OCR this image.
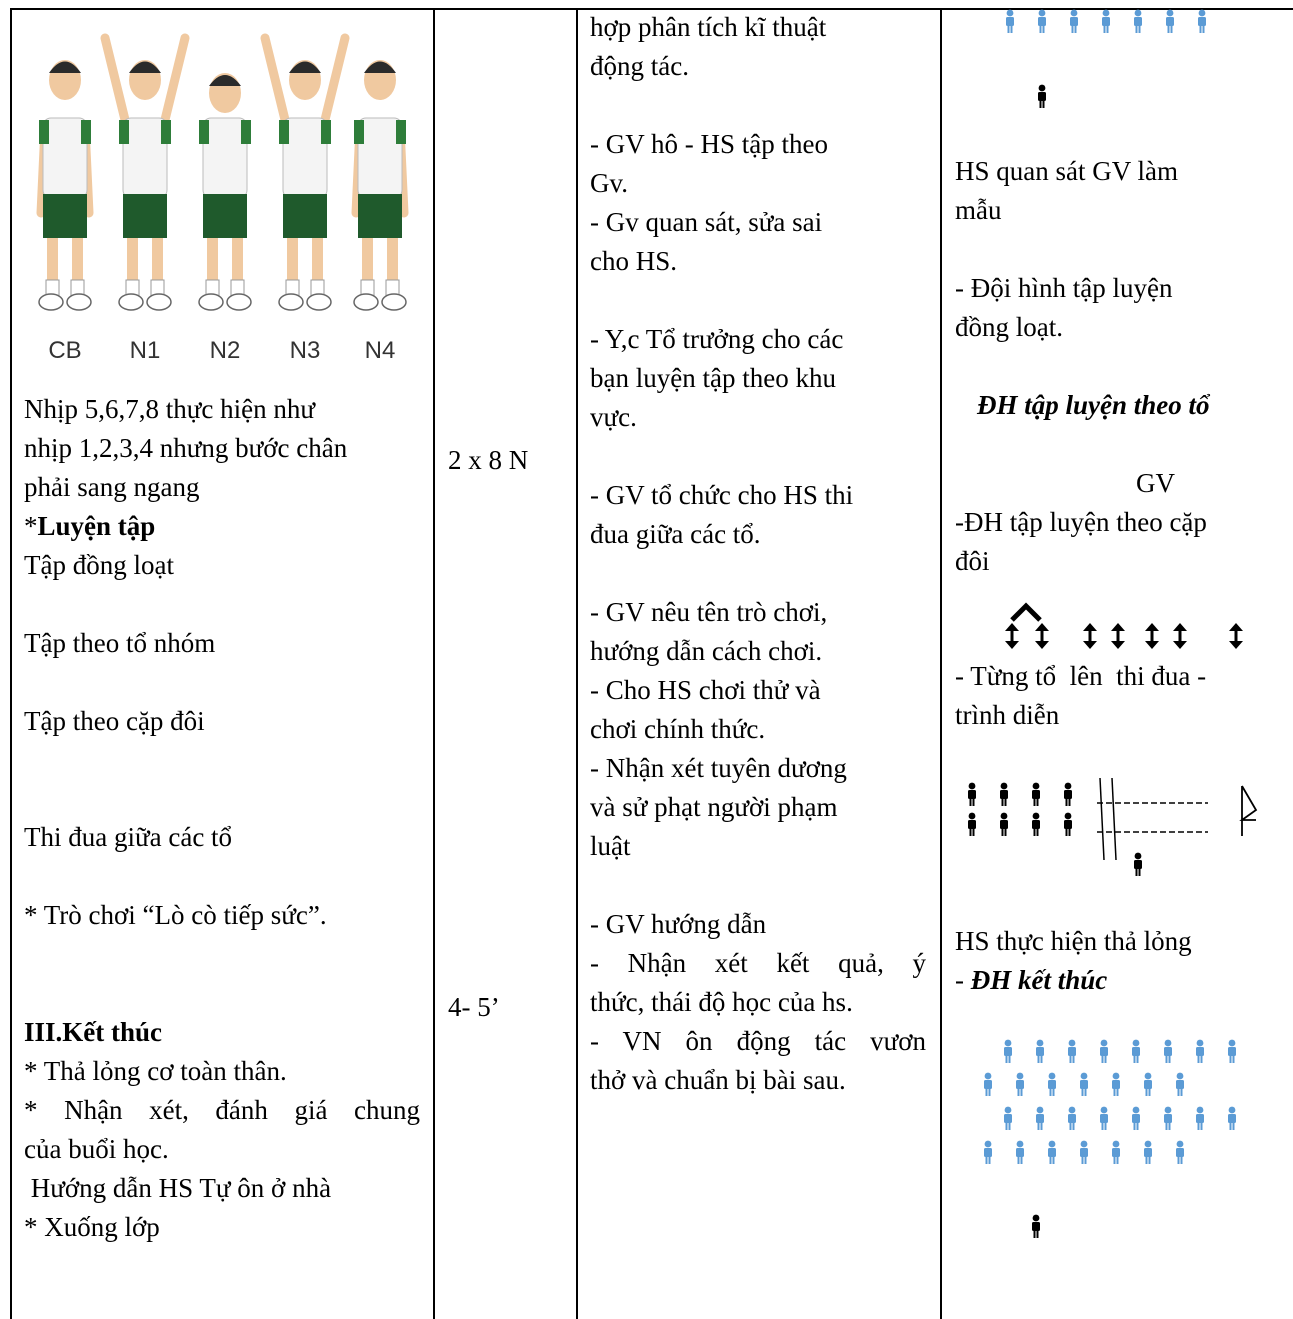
CB N1 N2 N3 N4
Nhịp 5,6,7,8 thực hiện như
nhịp 1,2,3,4 nhưng bước chân
phải sang ngang
*Luyện tập
Tập đồng loạt
Tập theo tổ nhóm
Tập theo cặp đôi
Thi đua giữa các tổ
* Trò chơi “Lò cò tiếp sức”.
III.Kết thúc
* Thả lỏng cơ toàn thân.
* Nhận xét, đánh giá chung
của buổi học.
Hướng dẫn HS Tự ôn ở nhà
* Xuống lớp
2 x 8 N
4- 5’
hợp phân tích kĩ thuật
động tác.
- GV hô - HS tập theo
Gv.
- Gv quan sát, sửa sai
cho HS.
- Y,c Tổ trưởng cho các
bạn luyện tập theo khu
vực.
- GV tổ chức cho HS thi
đua giữa các tổ.
- GV nêu tên trò chơi,
hướng dẫn cách chơi.
- Cho HS chơi thử và
chơi chính thức.
- Nhận xét tuyên dương
và sử phạt người phạm
luật
- GV hướng dẫn
-  Nhận  xét  kết  quả,  ý
thức, thái độ học của hs.
-  VN  ôn  động  tác  vươn
thở và chuẩn bị bài sau.
HS quan sát GV làm
mẫu
- Đội hình tập luyện
đồng loạt.
ĐH tập luyện theo tổ
GV
-ĐH tập luyện theo cặp
đôi
- Từng tổ  lên  thi đua -
trình diễn
HS thực hiện thả lỏng
- ĐH kết thúc
